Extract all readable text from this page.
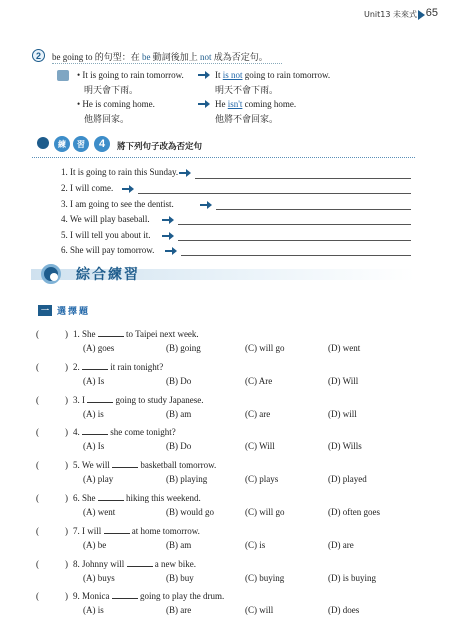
Unit13 未來式 65
2	be going to 的句型：在 be 動詞後加上 not 成為否定句。
• It is going to rain tomorrow.
明天會下雨。
It is not going to rain tomorrow.
明天不會下雨。
• He is coming home.
他將回家。
He isn't coming home.
他將不會回家。
練	習	4	將下列句子改為否定句
1. It is going to rain this Sunday.
2. I will come.
3. I am going to see the dentist.
4. We will play baseball.
5. I will tell you about it.
6. She will pay tomorrow.
綜合練習
一 選擇題
(	) 1. She	to Taipei next week.
(A) goes	(B) going	(C) will go	(D) went
(	) 2.	it rain tonight?
(A) Is	(B) Do	(C) Are	(D) Will
(	) 3. I	going to study Japanese.
(A) is	(B) am	(C) are	(D) will
(	) 4.	she come tonight?
(A) Is	(B) Do	(C) Will	(D) Wills
(	) 5. We will	basketball tomorrow.
(A) play	(B) playing	(C) plays	(D) played
(	) 6. She	hiking this weekend.
(A) went	(B) would go	(C) will go	(D) often goes
(	) 7. I will	at home tomorrow.
(A) be	(B) am	(C) is	(D) are
(	) 8. Johnny will	a new bike.
(A) buys	(B) buy	(C) buying	(D) is buying
(	) 9. Monica	going to play the drum.
(A) is	(B) are	(C) will	(D) does
